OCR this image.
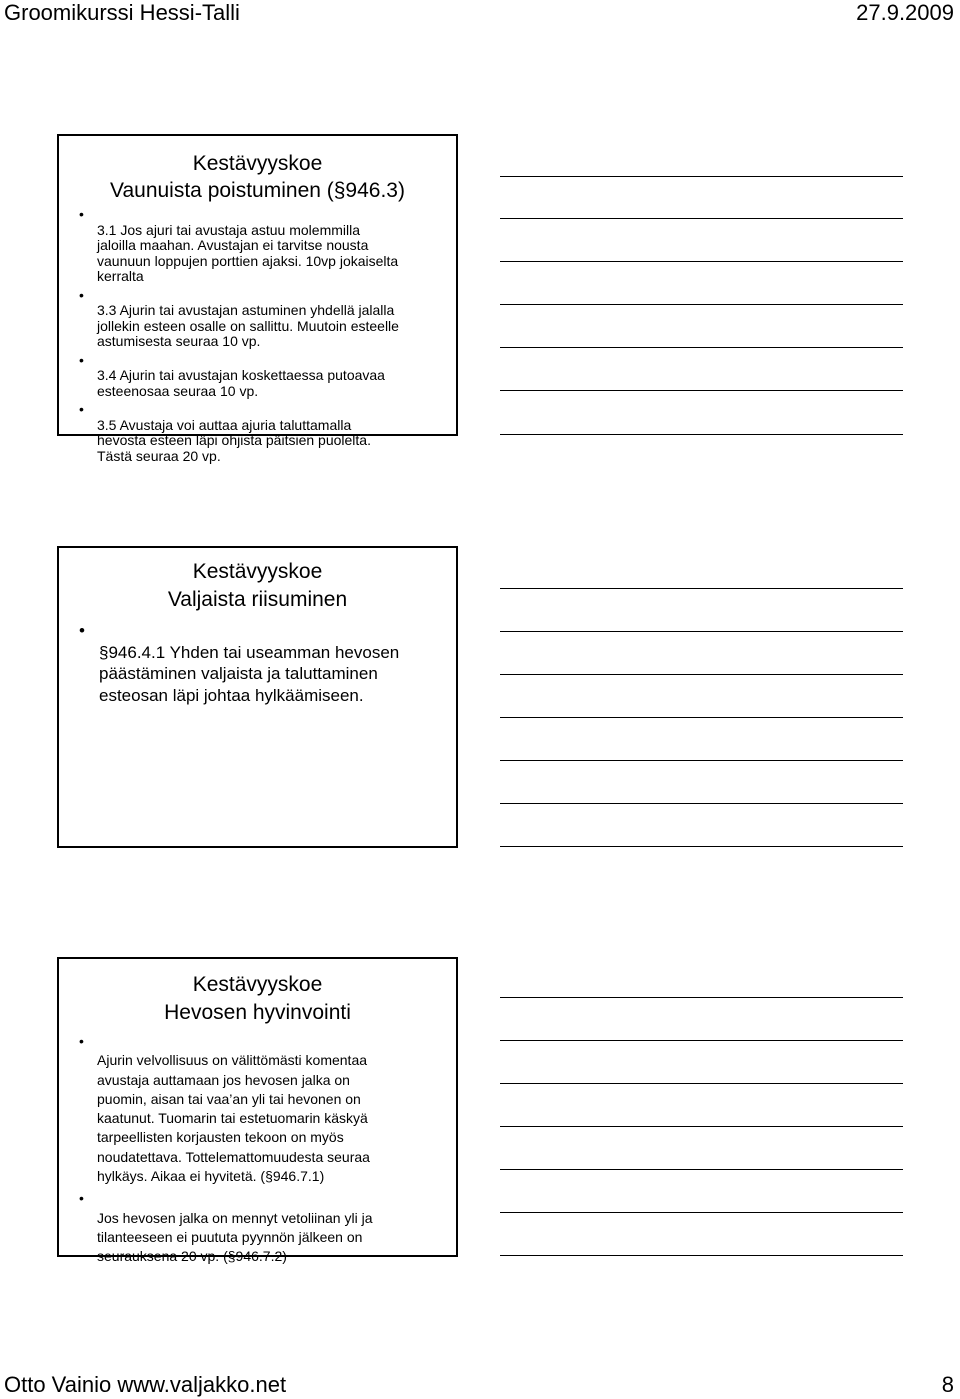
Groomikurssi Hessi-Talli	27.9.2009
Kestävyyskoe
Vaunuista poistuminen (§946.3)

•
3.1 Jos ajuri tai avustaja astuu molemmilla
jaloilla maahan. Avustajan ei tarvitse nousta
vaunuun loppujen porttien ajaksi. 10vp jokaiselta
kerralta

•
3.3 Ajurin tai avustajan astuminen yhdellä jalalla
jollekin esteen osalle on sallittu. Muutoin esteelle
astumisesta seuraa 10 vp.

•
3.4 Ajurin tai avustajan koskettaessa putoavaa
esteenosaa seuraa 10 vp.

•
3.5 Avustaja voi auttaa ajuria taluttamalla
hevosta esteen läpi ohjista päitsien puolelta.
Tästä seuraa 20 vp.

Kestävyyskoe
Valjaista riisuminen

•
§946.4.1 Yhden tai useamman hevosen
päästäminen valjaista ja taluttaminen
esteosan läpi johtaa hylkäämiseen.

Kestävyyskoe
Hevosen hyvinvointi

•
Ajurin velvollisuus on välittömästi komentaa
avustaja auttamaan jos hevosen jalka on
puomin, aisan tai vaa’an yli tai hevonen on
kaatunut. Tuomarin tai estetuomarin käskyä
tarpeellisten korjausten tekoon on myös
noudatettava. Tottelemattomuudesta seuraa
hylkäys. Aikaa ei hyvitetä. (§946.7.1)

•
Jos hevosen jalka on mennyt vetoliinan yli ja
tilanteeseen ei puututa pyynnön jälkeen on
seurauksena 20 vp. (§946.7.2)

Otto Vainio www.valjakko.net	8
